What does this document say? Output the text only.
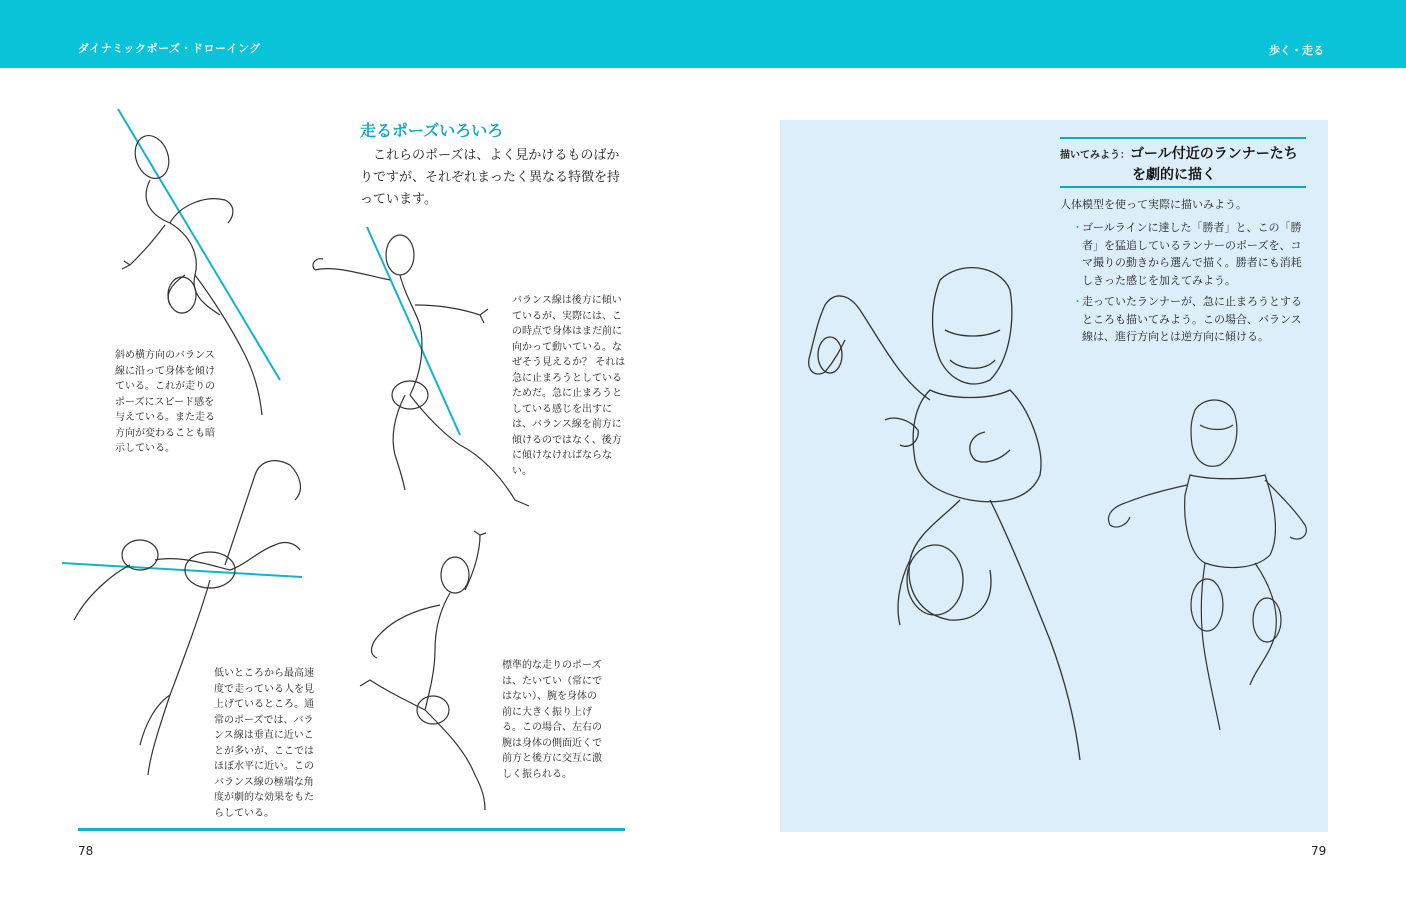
ダイナミックポーズ・ドローイング	歩く・走る
走るポーズいろいろ
これらのポーズは、よく見かけるものばかりですが、それぞれまったく異なる特徴を持っています。
斜め横方向のバランス線に沿って身体を傾けている。これが走りのポーズにスピード感を与えている。また走る方向が変わることも暗示している。
バランス線は後方に傾いているが、実際には、この時点で身体はまだ前に向かって動いている。なぜそう見えるか？ それは急に止まろうとしているためだ。急に止まろうとしている感じを出すには、バランス線を前方に傾けるのではなく、後方に傾けなければならない。
低いところから最高速度で走っている人を見上げているところ。通常のポーズでは、バランス線は垂直に近いことが多いが、ここではほぼ水平に近い。このバランス線の極端な角度が劇的な効果をもたらしている。
標準的な走りのポーズは、たいてい（常にではない）、腕を身体の前に大きく振り上げる。この場合、左右の腕は身体の側面近くで前方と後方に交互に激しく振られる。
78
描いてみよう：ゴール付近のランナーたち
を劇的に描く
人体模型を使って実際に描いみよう。
・ ゴールラインに達した「勝者」と、この「勝者」を猛追しているランナーのポーズを、コマ撮りの動きから選んで描く。勝者にも消耗しきった感じを加えてみよう。
・ 走っていたランナーが、急に止まろうとするところも描いてみよう。この場合、バランス線は、進行方向とは逆方向に傾ける。
79
